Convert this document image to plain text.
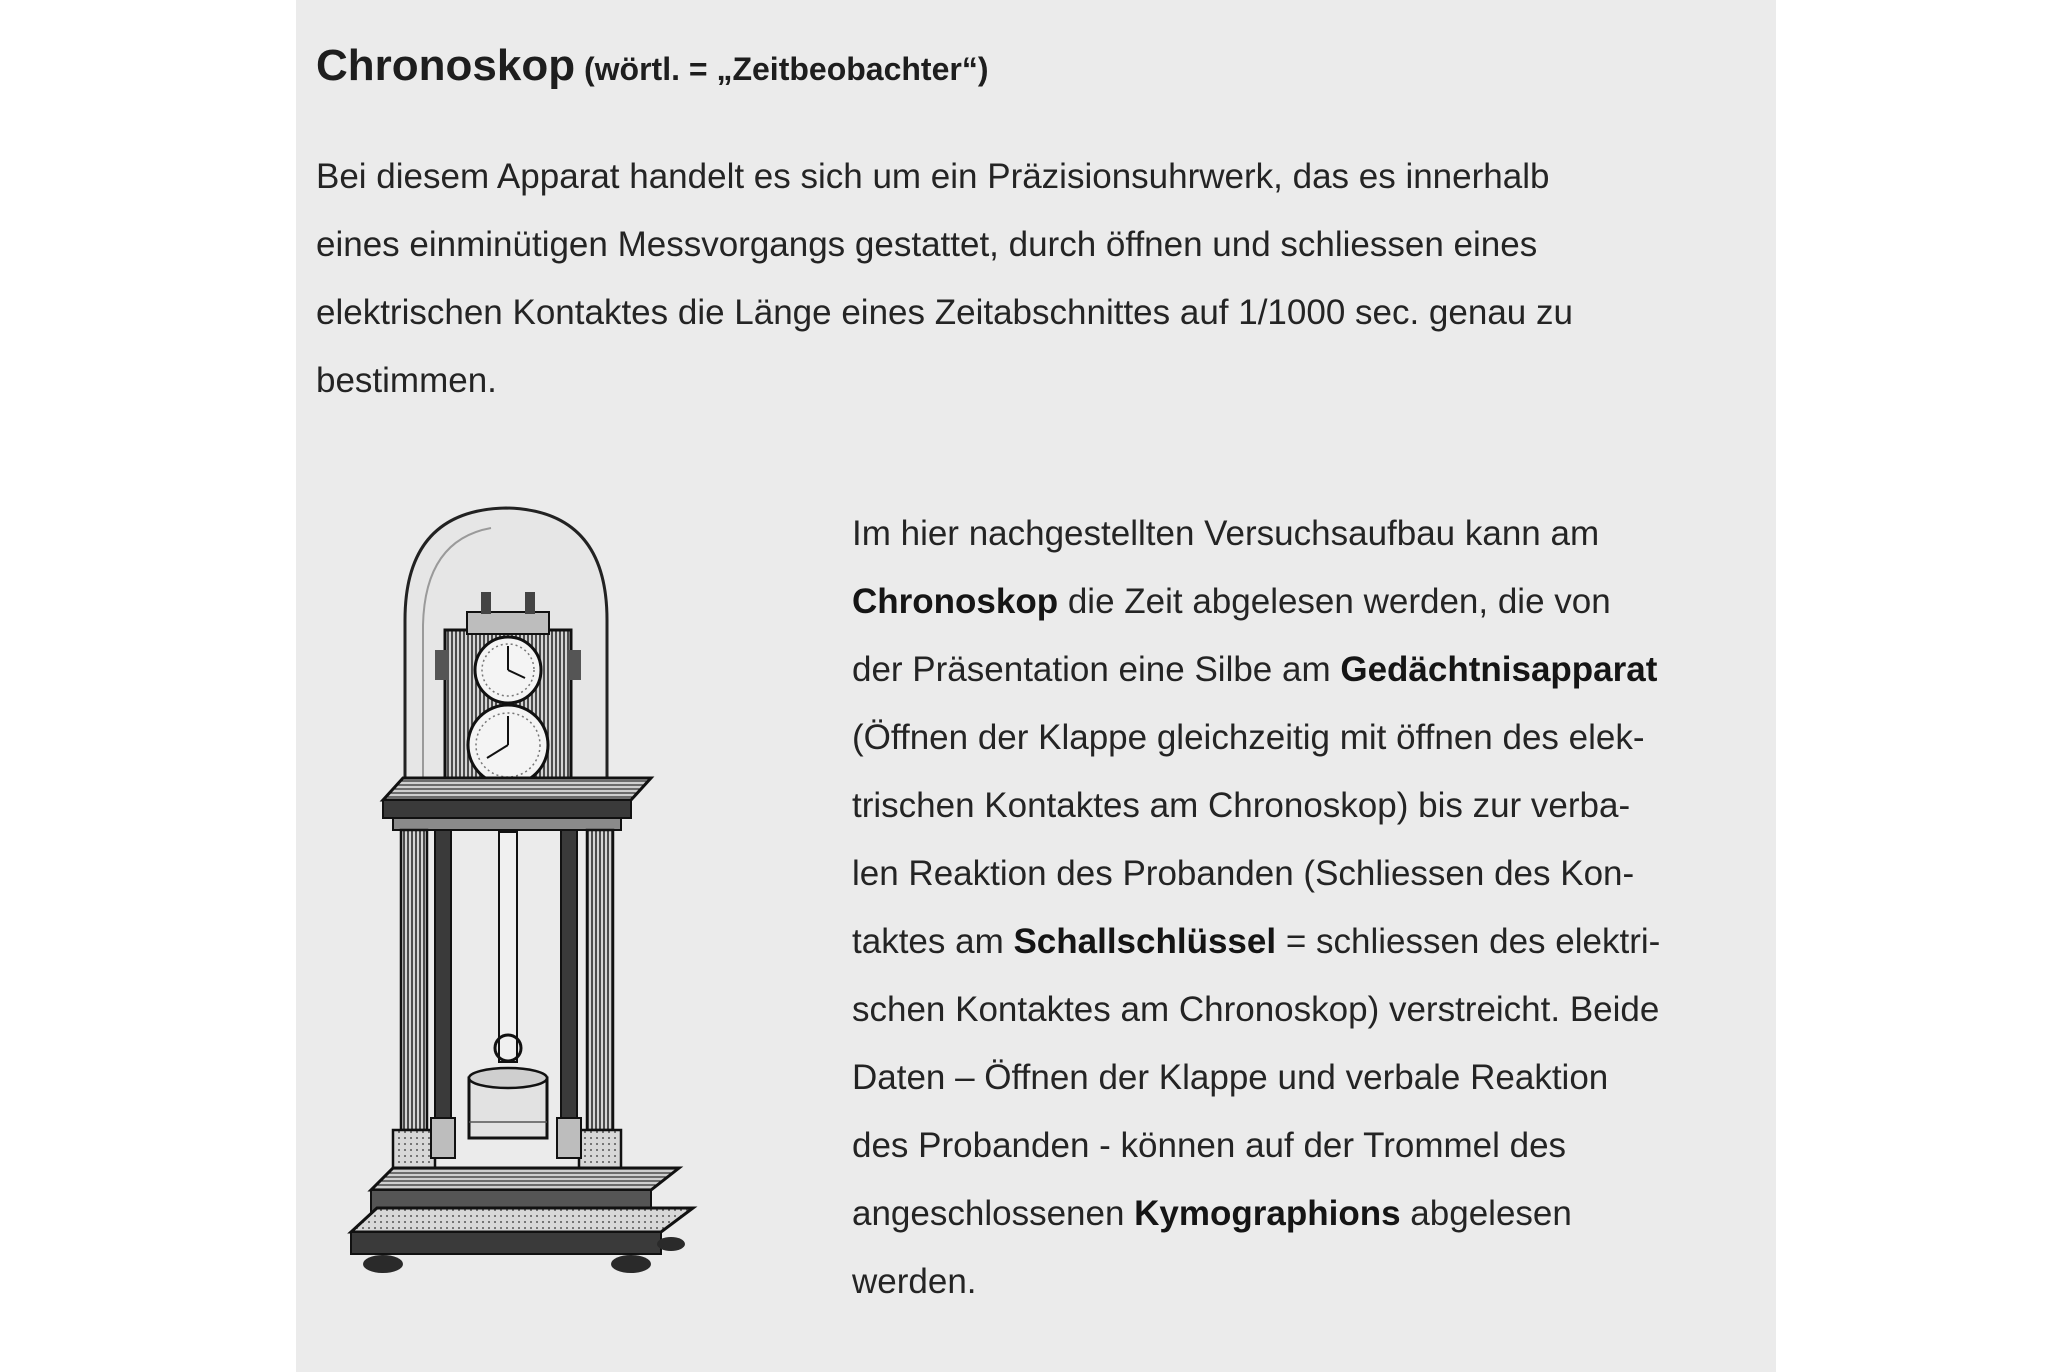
Chronoskop (wörtl. = „Zeitbeobachter“)

Bei diesem Apparat handelt es sich um ein Präzisionsuhrwerk, das es innerhalb
eines einminütigen Messvorgangs gestattet, durch öffnen und schliessen eines
elektrischen Kontaktes die Länge eines Zeitabschnittes auf 1/1000 sec. genau zu
bestimmen.

Im hier nachgestellten Versuchsaufbau kann am
Chronoskop die Zeit abgelesen werden, die von
der Präsentation eine Silbe am Gedächtnisapparat
(Öffnen der Klappe gleichzeitig mit öffnen des elek-
trischen Kontaktes am Chronoskop) bis zur verba-
len Reaktion des Probanden (Schliessen des Kon-
taktes am Schallschlüssel = schliessen des elektri-
schen Kontaktes am Chronoskop) verstreicht. Beide
Daten – Öffnen der Klappe und verbale Reaktion
des Probanden - können auf der Trommel des
angeschlossenen Kymographions abgelesen
werden.
